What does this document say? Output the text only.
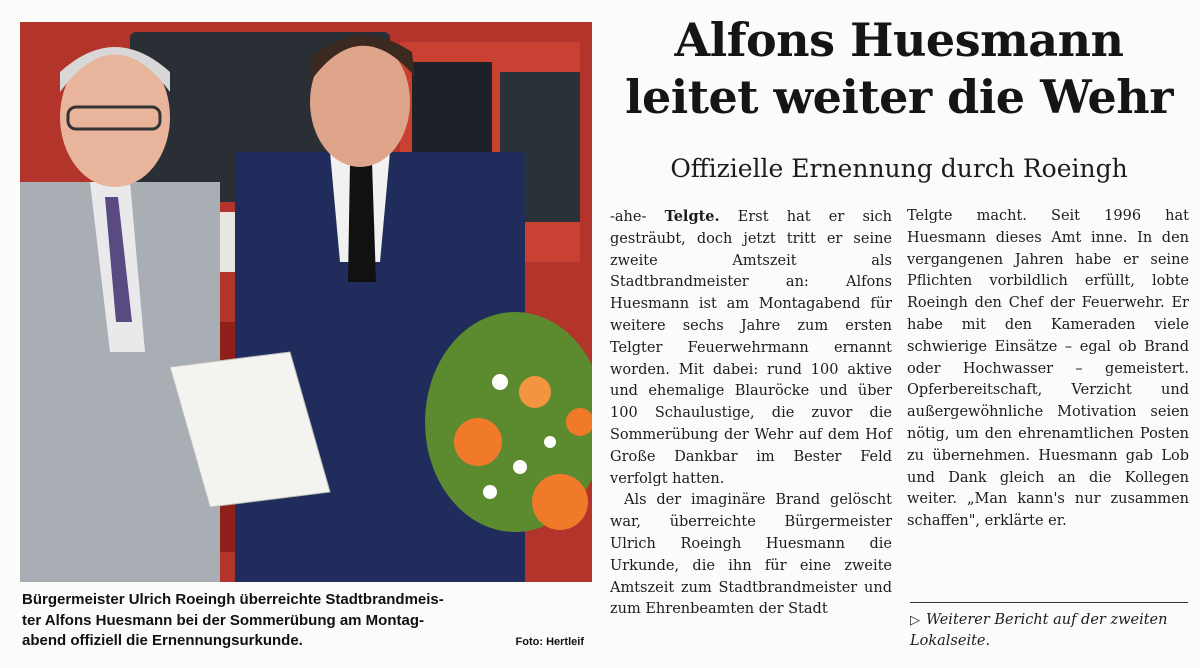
Bürgermeister Ulrich Roeingh überreichte Stadtbrandmeis-
ter Alfons Huesmann bei der Sommerübung am Montag-
abend offiziell die Ernennungsurkunde.	Foto: Hertleif
Alfons Huesmann
leitet weiter die Wehr
Offizielle Ernennung durch Roeingh

-ahe- Telgte. Erst hat er sich gesträubt, doch jetzt tritt er seine zweite Amtszeit als Stadtbrandmeister an: Alfons Huesmann ist am Montagabend für weitere sechs Jahre zum ersten Telgter Feuerwehrmann ernannt worden. Mit dabei: rund 100 aktive und ehemalige Blauröcke und über 100 Schaulustige, die zuvor die Sommerübung der Wehr auf dem Hof Große Dankbar im Bester Feld verfolgt hatten.

Als der imaginäre Brand gelöscht war, überreichte Bürgermeister Ulrich Roeingh Huesmann die Urkunde, die ihn für eine zweite Amtszeit zum Stadtbrandmeister und zum Ehrenbeamten der Stadt

Telgte macht. Seit 1996 hat Huesmann dieses Amt inne. In den vergangenen Jahren habe er seine Pflichten vorbildlich erfüllt, lobte Roeingh den Chef der Feuerwehr. Er habe mit den Kameraden viele schwierige Einsätze – egal ob Brand oder Hochwasser – gemeistert. Opferbereitschaft, Verzicht und außergewöhnliche Motivation seien nötig, um den ehrenamtlichen Posten zu übernehmen. Huesmann gab Lob und Dank gleich an die Kollegen weiter. „Man kann's nur zusammen schaffen", erklärte er.

▷ Weiterer Bericht auf der zweiten Lokalseite.
